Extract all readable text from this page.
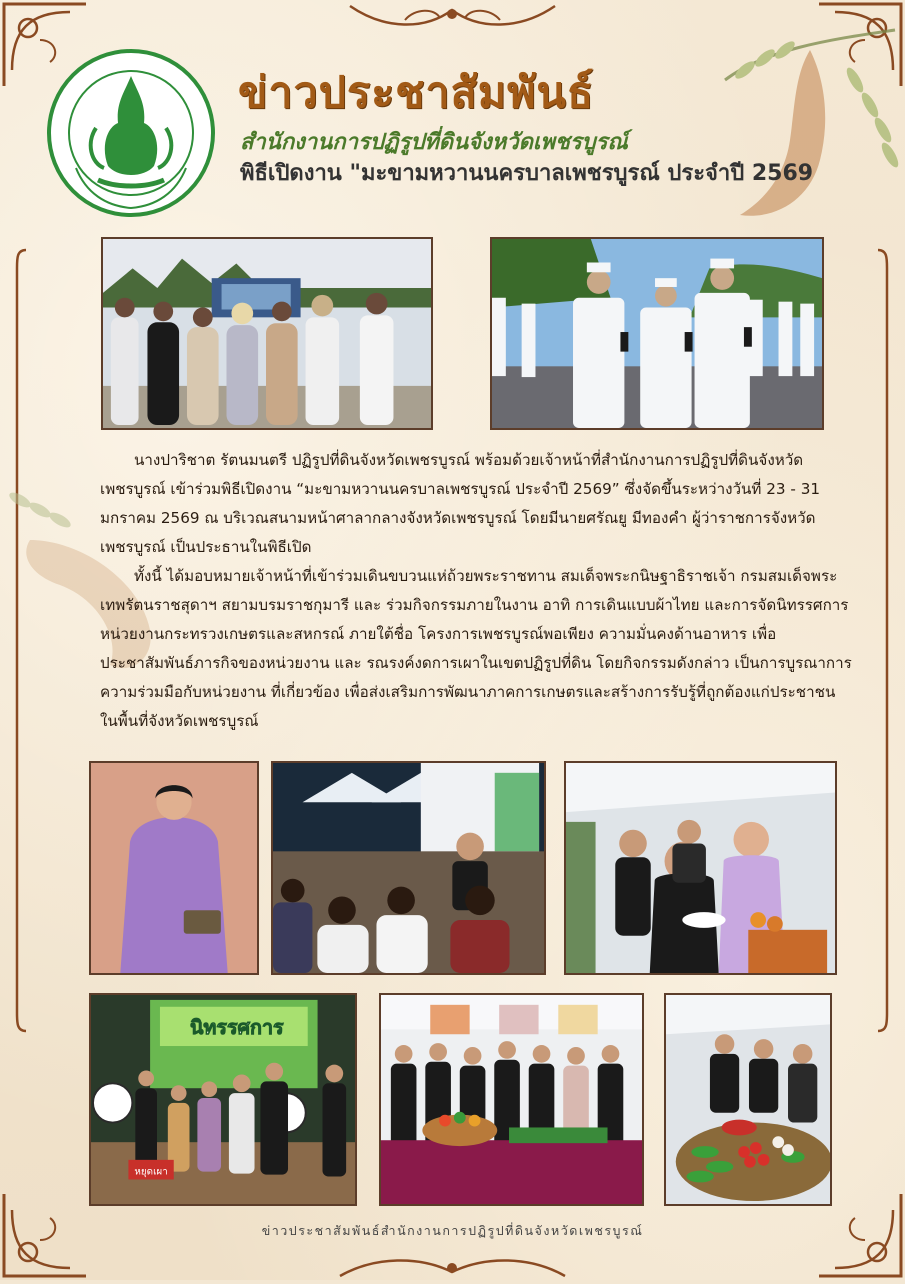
ข่าวประชาสัมพันธ์
สำนักงานการปฏิรูปที่ดินจังหวัดเพชรบูรณ์
พิธีเปิดงาน "มะขามหวานนครบาลเพชรบูรณ์ ประจำปี 2569

นางปาริชาต รัตนมนตรี ปฏิรูปที่ดินจังหวัดเพชรบูรณ์ พร้อมด้วยเจ้าหน้าที่สำนักงานการปฏิรูปที่ดินจังหวัดเพชรบูรณ์ เข้าร่วมพิธีเปิดงาน “มะขามหวานนครบาลเพชรบูรณ์ ประจำปี 2569” ซึ่งจัดขึ้นระหว่างวันที่ 23 - 31 มกราคม 2569 ณ บริเวณสนามหน้าศาลากลางจังหวัดเพชรบูรณ์ โดยมีนายศรัณยู มีทองคำ ผู้ว่าราชการจังหวัดเพชรบูรณ์ เป็นประธานในพิธีเปิด

ทั้งนี้ ได้มอบหมายเจ้าหน้าที่เข้าร่วมเดินขบวนแห่ถ้วยพระราชทาน สมเด็จพระกนิษฐาธิราชเจ้า กรมสมเด็จพระเทพรัตนราชสุดาฯ สยามบรมราชกุมารี และ ร่วมกิจกรรมภายในงาน อาทิ การเดินแบบผ้าไทย และการจัดนิทรรศการหน่วยงานกระทรวงเกษตรและสหกรณ์ ภายใต้ชื่อ โครงการเพชรบูรณ์พอเพียง ความมั่นคงด้านอาหาร เพื่อประชาสัมพันธ์ภารกิจของหน่วยงาน และ รณรงค์งดการเผาในเขตปฏิรูปที่ดิน โดยกิจกรรมดังกล่าว เป็นการบูรณาการความร่วมมือกับหน่วยงาน ที่เกี่ยวข้อง เพื่อส่งเสริมการพัฒนาภาคการเกษตรและสร้างการรับรู้ที่ถูกต้องแก่ประชาชนในพื้นที่จังหวัดเพชรบูรณ์

นิทรรศการ
หยุดเผา

ข่าวประชาสัมพันธ์สำนักงานการปฏิรูปที่ดินจังหวัดเพชรบูรณ์
